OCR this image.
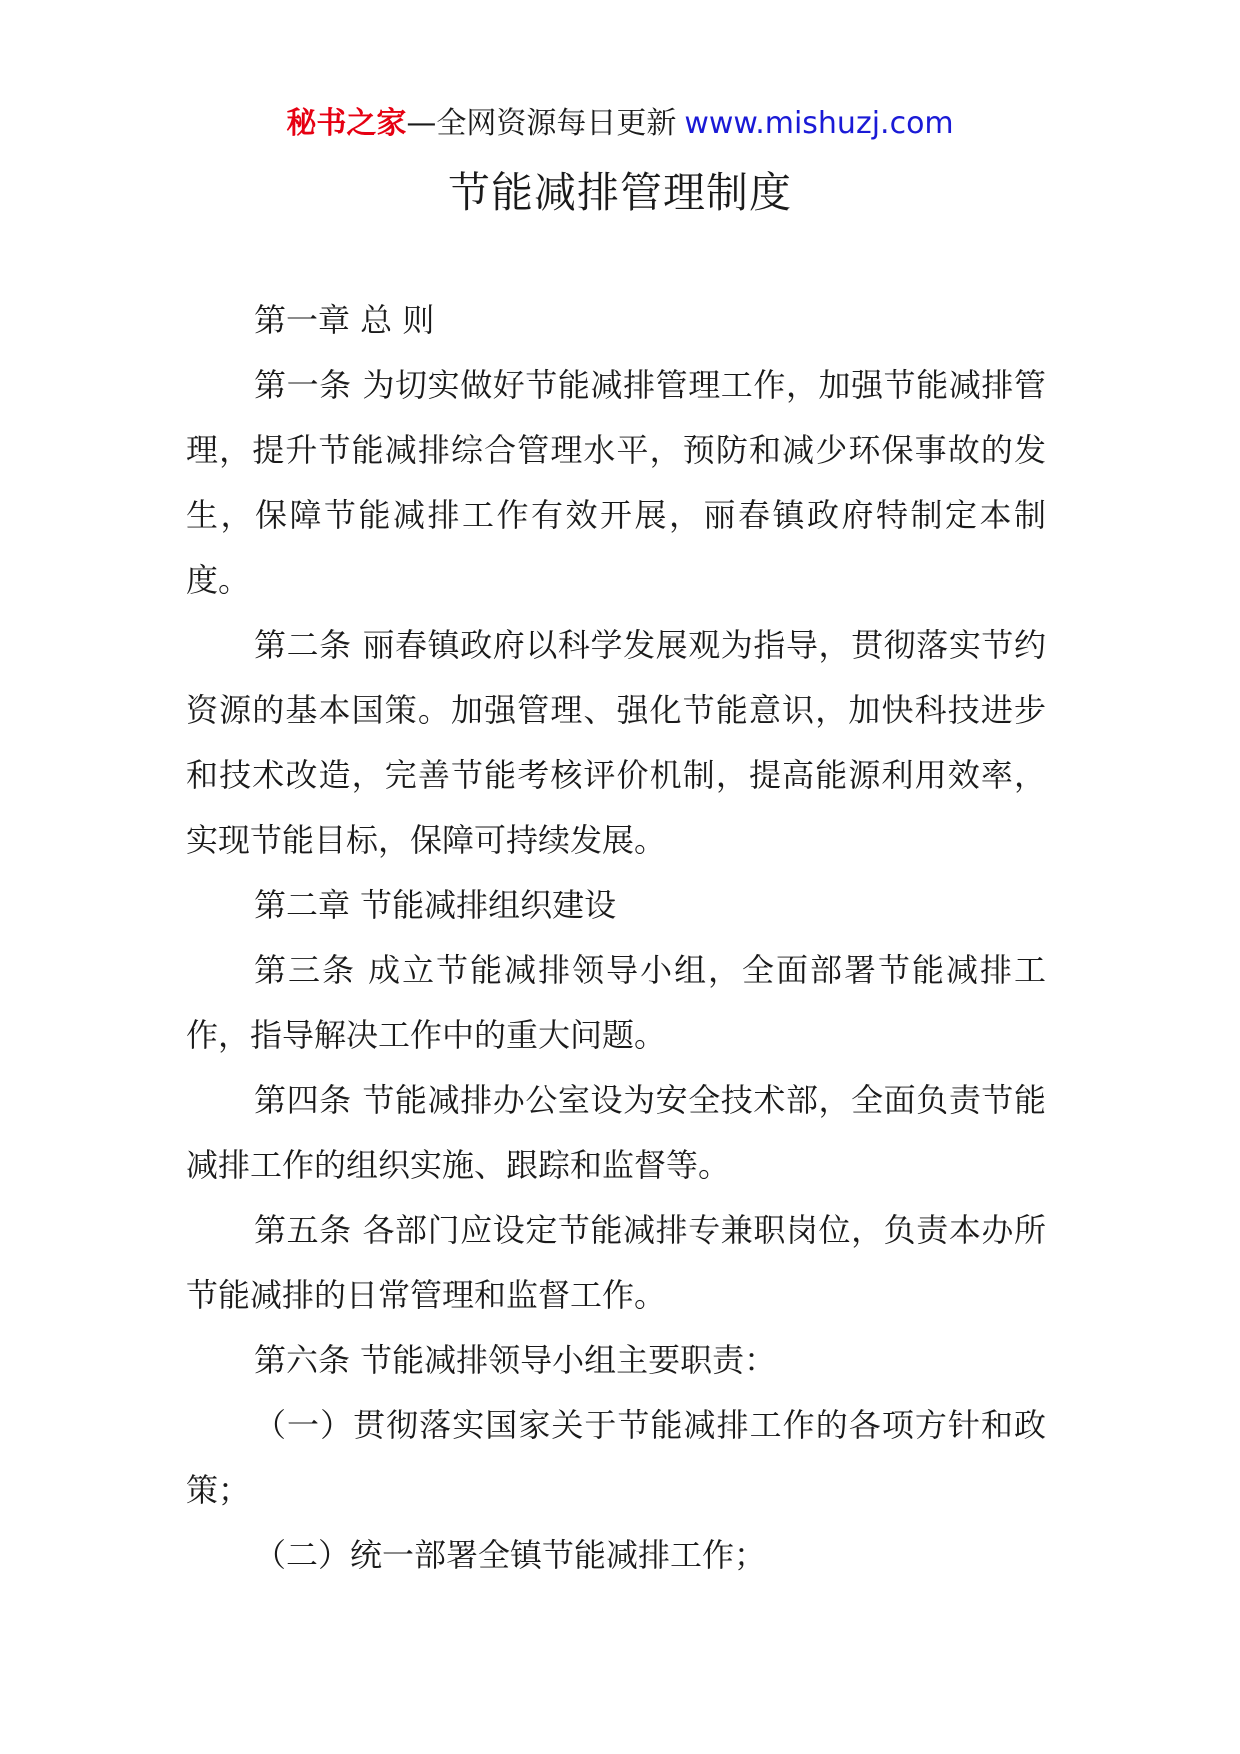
秘书之家—全网资源每日更新 www.mishuzj.com
节能减排管理制度

第一章 总 则

第一条 为切实做好节能减排管理工作，加强节能减排管理，提升节能减排综合管理水平，预防和减少环保事故的发生，保障节能减排工作有效开展，丽春镇政府特制定本制度。

第二条 丽春镇政府以科学发展观为指导，贯彻落实节约资源的基本国策。加强管理、强化节能意识，加快科技进步和技术改造，完善节能考核评价机制，提高能源利用效率，实现节能目标，保障可持续发展。

第二章 节能减排组织建设

第三条 成立节能减排领导小组，全面部署节能减排工作，指导解决工作中的重大问题。

第四条 节能减排办公室设为安全技术部，全面负责节能减排工作的组织实施、跟踪和监督等。

第五条 各部门应设定节能减排专兼职岗位，负责本办所节能减排的日常管理和监督工作。

第六条 节能减排领导小组主要职责：

（一）贯彻落实国家关于节能减排工作的各项方针和政策；

（二）统一部署全镇节能减排工作；
